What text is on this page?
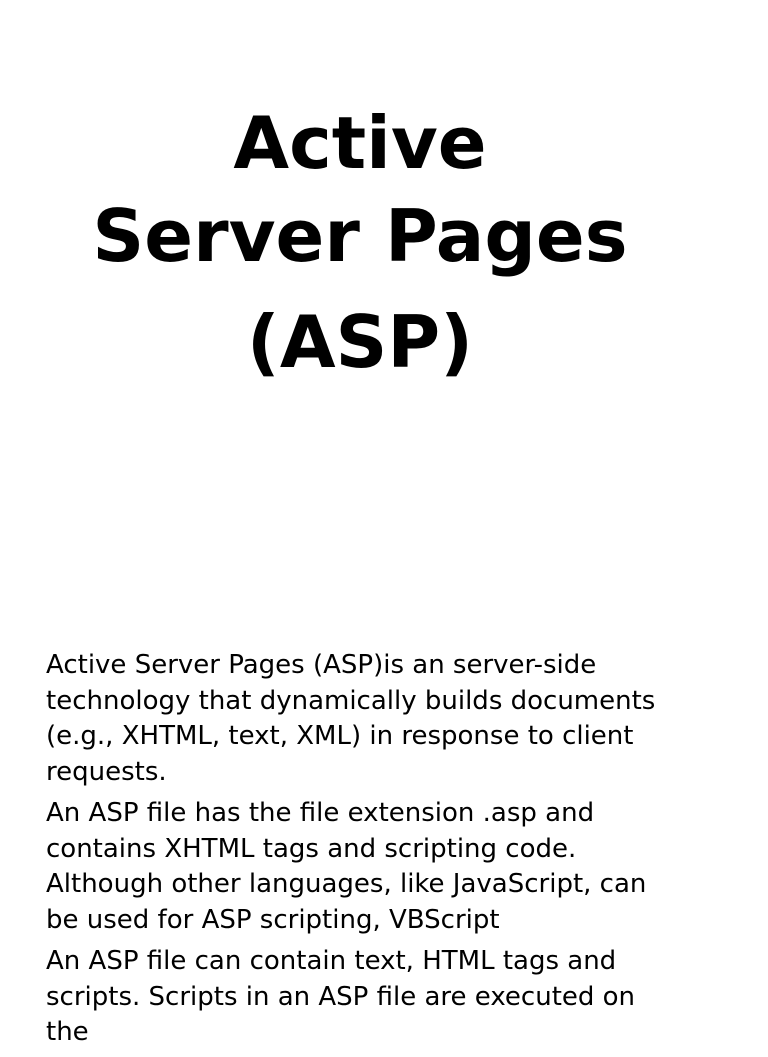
Active
Server Pages
(ASP)

Active Server Pages (ASP)is an server-side
technology that dynamically builds documents
(e.g., XHTML, text, XML) in response to client
requests.

An ASP file has the file extension .asp and
contains XHTML tags and scripting code.
Although other languages, like JavaScript, can
be used for ASP scripting, VBScript

An ASP file can contain text, HTML tags and
scripts. Scripts in an ASP file are executed on
the
